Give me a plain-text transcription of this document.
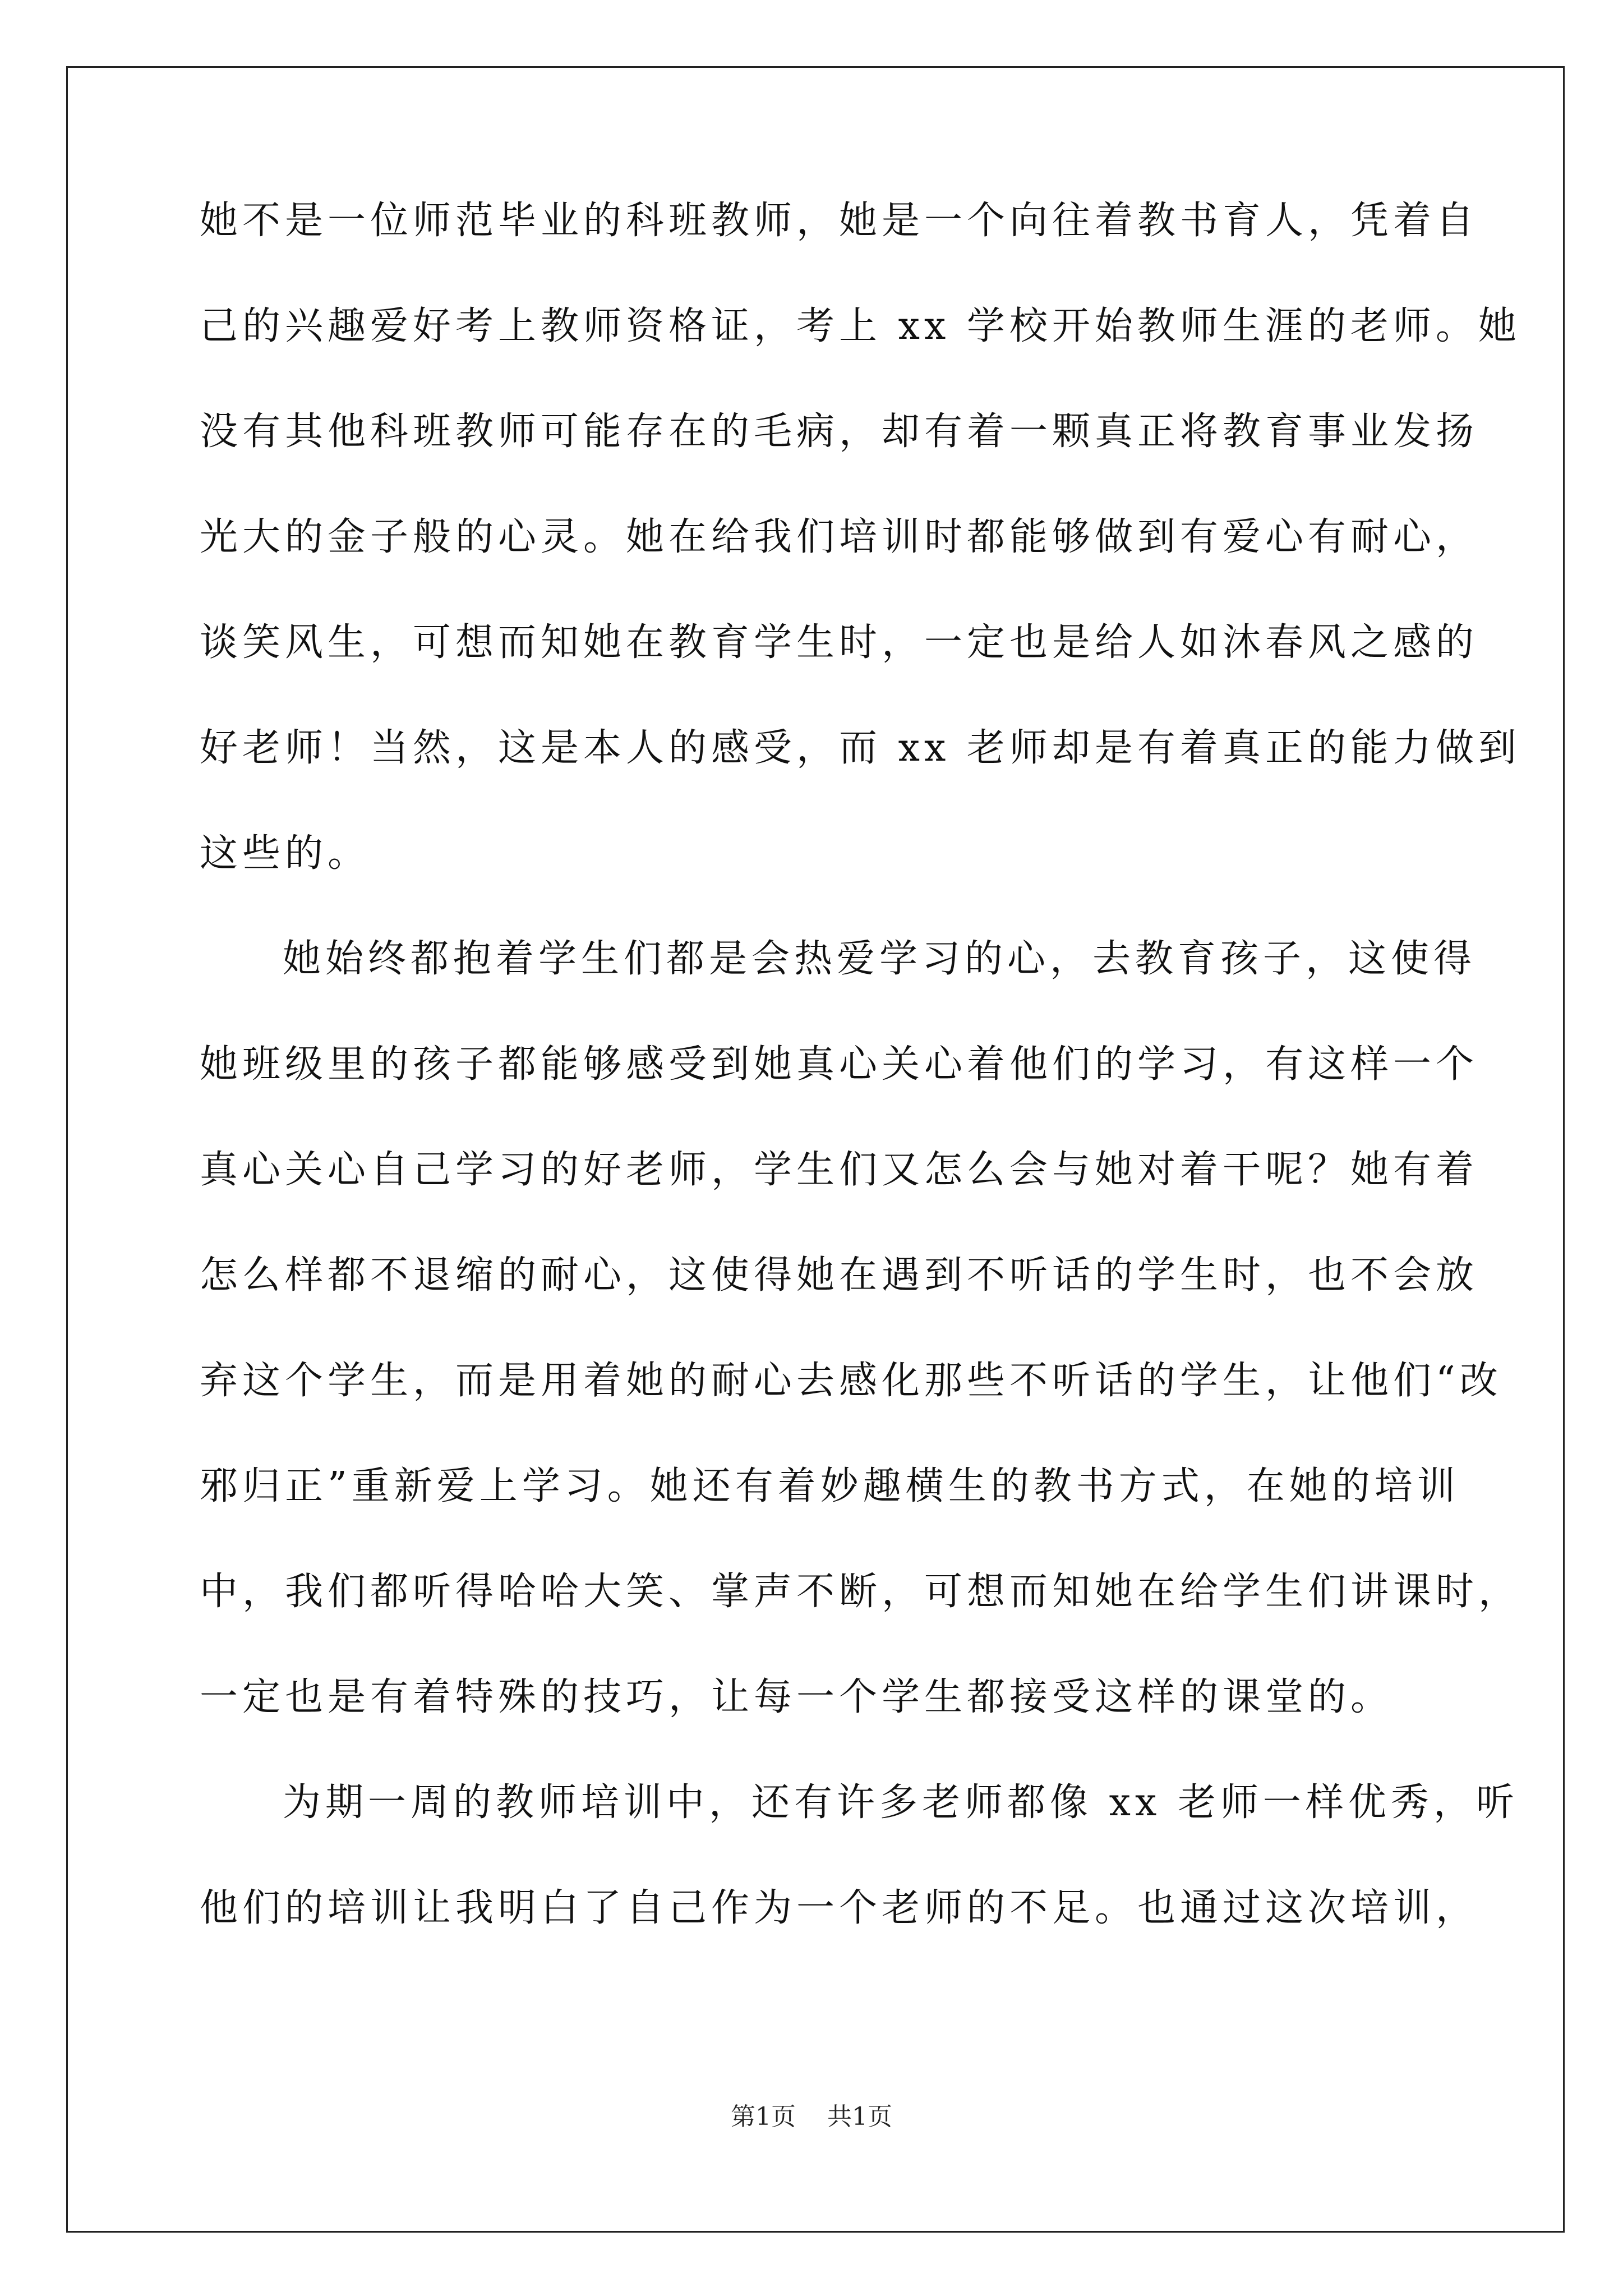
她不是一位师范毕业的科班教师，她是一个向往着教书育人，凭着自
己的兴趣爱好考上教师资格证，考上 xx 学校开始教师生涯的老师。她
没有其他科班教师可能存在的毛病，却有着一颗真正将教育事业发扬
光大的金子般的心灵。她在给我们培训时都能够做到有爱心有耐心，
谈笑风生，可想而知她在教育学生时，一定也是给人如沐春风之感的
好老师！当然，这是本人的感受，而 xx 老师却是有着真正的能力做到
这些的。
她始终都抱着学生们都是会热爱学习的心，去教育孩子，这使得
她班级里的孩子都能够感受到她真心关心着他们的学习，有这样一个
真心关心自己学习的好老师，学生们又怎么会与她对着干呢？她有着
怎么样都不退缩的耐心，这使得她在遇到不听话的学生时，也不会放
弃这个学生，而是用着她的耐心去感化那些不听话的学生，让他们“改
邪归正”重新爱上学习。她还有着妙趣横生的教书方式，在她的培训
中，我们都听得哈哈大笑、掌声不断，可想而知她在给学生们讲课时，
一定也是有着特殊的技巧，让每一个学生都接受这样的课堂的。
为期一周的教师培训中，还有许多老师都像 xx 老师一样优秀，听
他们的培训让我明白了自己作为一个老师的不足。也通过这次培训，
第1页 共1页
